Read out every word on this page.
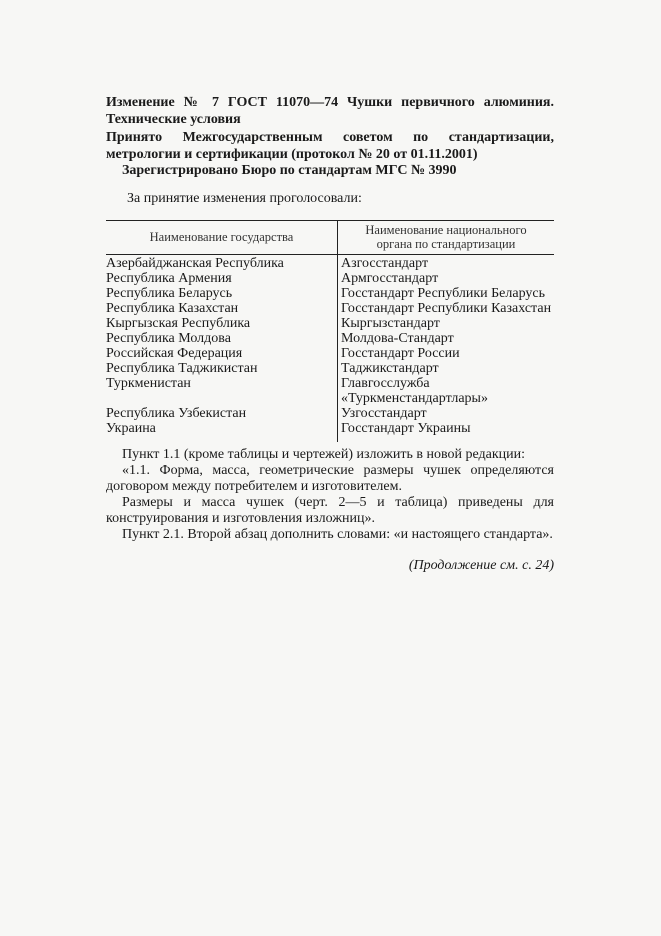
Изменение № 7 ГОСТ 11070—74 Чушки первичного алюминия. Технические условия
Принято Межгосударственным советом по стандартизации, метрологии и сертификации (протокол № 20 от 01.11.2001)
Зарегистрировано Бюро по стандартам МГС № 3990
За принятие изменения проголосовали:
Наименование государства	Наименование национального органа по стандартизации
Азербайджанская Республика	Азгосстандарт
Республика Армения	Армгосстандарт
Республика Беларусь	Госстандарт Республики Беларусь
Республика Казахстан	Госстандарт Республики Казахстан
Кыргызская Республика	Кыргызстандарт
Республика Молдова	Молдова-Стандарт
Российская Федерация	Госстандарт России
Республика Таджикистан	Таджикстандарт
Туркменистан	Главгосслужба «Туркменстандартлары»
Республика Узбекистан	Узгосстандарт
Украина	Госстандарт Украины
Пункт 1.1 (кроме таблицы и чертежей) изложить в новой редакции:
«1.1. Форма, масса, геометрические размеры чушек определяются договором между потребителем и изготовителем.
Размеры и масса чушек (черт. 2—5 и таблица) приведены для конструирования и изготовления изложниц».
Пункт 2.1. Второй абзац дополнить словами: «и настоящего стандарта».
(Продолжение см. с. 24)
